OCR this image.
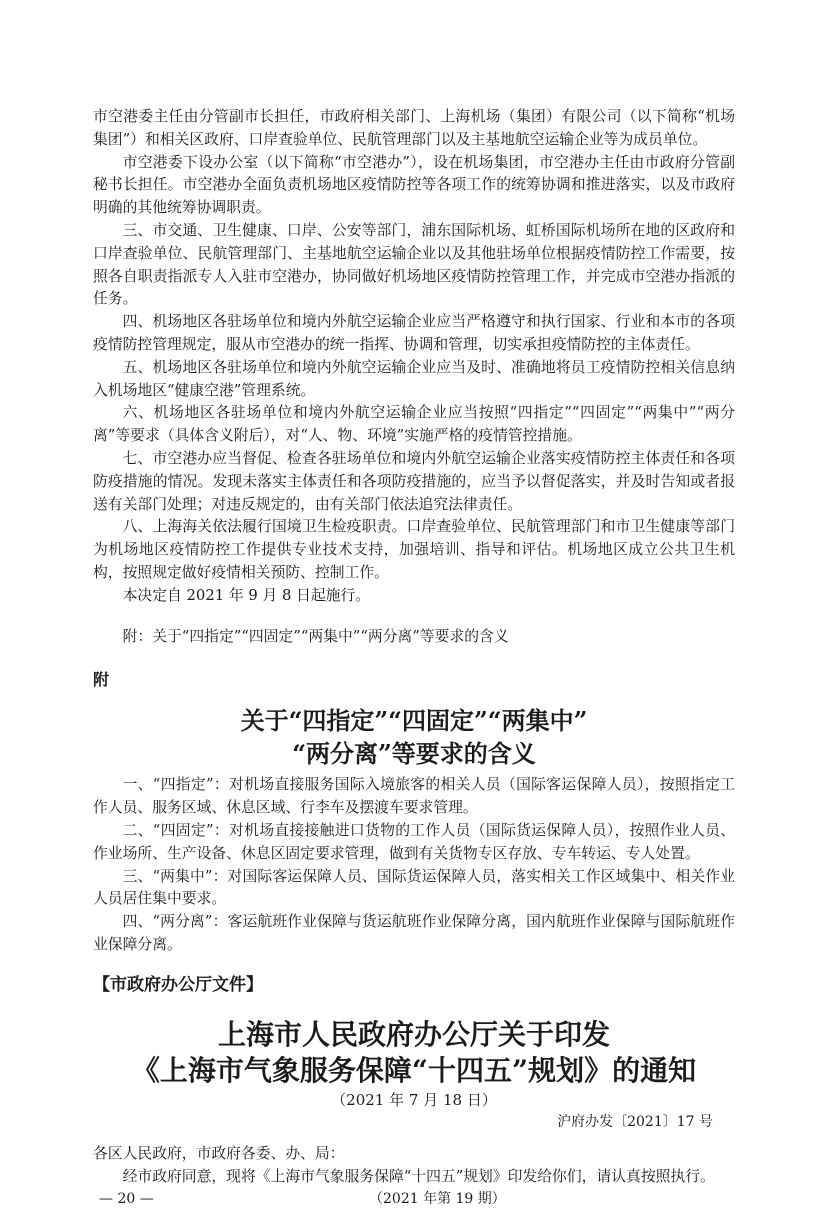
市空港委主任由分管副市长担任，市政府相关部门、上海机场（集团）有限公司（以下简称“机场集团”）和相关区政府、口岸查验单位、民航管理部门以及主基地航空运输企业等为成员单位。

市空港委下设办公室（以下简称“市空港办”），设在机场集团，市空港办主任由市政府分管副秘书长担任。市空港办全面负责机场地区疫情防控等各项工作的统筹协调和推进落实，以及市政府明确的其他统筹协调职责。

三、市交通、卫生健康、口岸、公安等部门，浦东国际机场、虹桥国际机场所在地的区政府和口岸查验单位、民航管理部门、主基地航空运输企业以及其他驻场单位根据疫情防控工作需要，按照各自职责指派专人入驻市空港办，协同做好机场地区疫情防控管理工作，并完成市空港办指派的任务。

四、机场地区各驻场单位和境内外航空运输企业应当严格遵守和执行国家、行业和本市的各项疫情防控管理规定，服从市空港办的统一指挥、协调和管理，切实承担疫情防控的主体责任。

五、机场地区各驻场单位和境内外航空运输企业应当及时、准确地将员工疫情防控相关信息纳入机场地区“健康空港”管理系统。

六、机场地区各驻场单位和境内外航空运输企业应当按照“四指定”“四固定”“两集中”“两分离”等要求（具体含义附后），对“人、物、环境”实施严格的疫情管控措施。

七、市空港办应当督促、检查各驻场单位和境内外航空运输企业落实疫情防控主体责任和各项防疫措施的情况。发现未落实主体责任和各项防疫措施的，应当予以督促落实，并及时告知或者报送有关部门处理；对违反规定的，由有关部门依法追究法律责任。

八、上海海关依法履行国境卫生检疫职责。口岸查验单位、民航管理部门和市卫生健康等部门为机场地区疫情防控工作提供专业技术支持，加强培训、指导和评估。机场地区成立公共卫生机构，按照规定做好疫情相关预防、控制工作。

本决定自 2021 年 9 月 8 日起施行。

附：关于“四指定”“四固定”“两集中”“两分离”等要求的含义

附
关于“四指定”“四固定”“两集中”
“两分离”等要求的含义

一、“四指定”：对机场直接服务国际入境旅客的相关人员（国际客运保障人员），按照指定工作人员、服务区域、休息区域、行李车及摆渡车要求管理。

二、“四固定”：对机场直接接触进口货物的工作人员（国际货运保障人员），按照作业人员、作业场所、生产设备、休息区固定要求管理，做到有关货物专区存放、专车转运、专人处置。

三、“两集中”：对国际客运保障人员、国际货运保障人员，落实相关工作区域集中、相关作业人员居住集中要求。

四、“两分离”：客运航班作业保障与货运航班作业保障分离，国内航班作业保障与国际航班作业保障分离。

【市政府办公厅文件】
上海市人民政府办公厅关于印发
《上海市气象服务保障“十四五”规划》的通知
（2021 年 7 月 18 日）
沪府办发〔2021〕17 号

各区人民政府，市政府各委、办、局：

经市政府同意，现将《上海市气象服务保障“十四五”规划》印发给你们，请认真按照执行。

— 20 —	（2021 年第 19 期）
